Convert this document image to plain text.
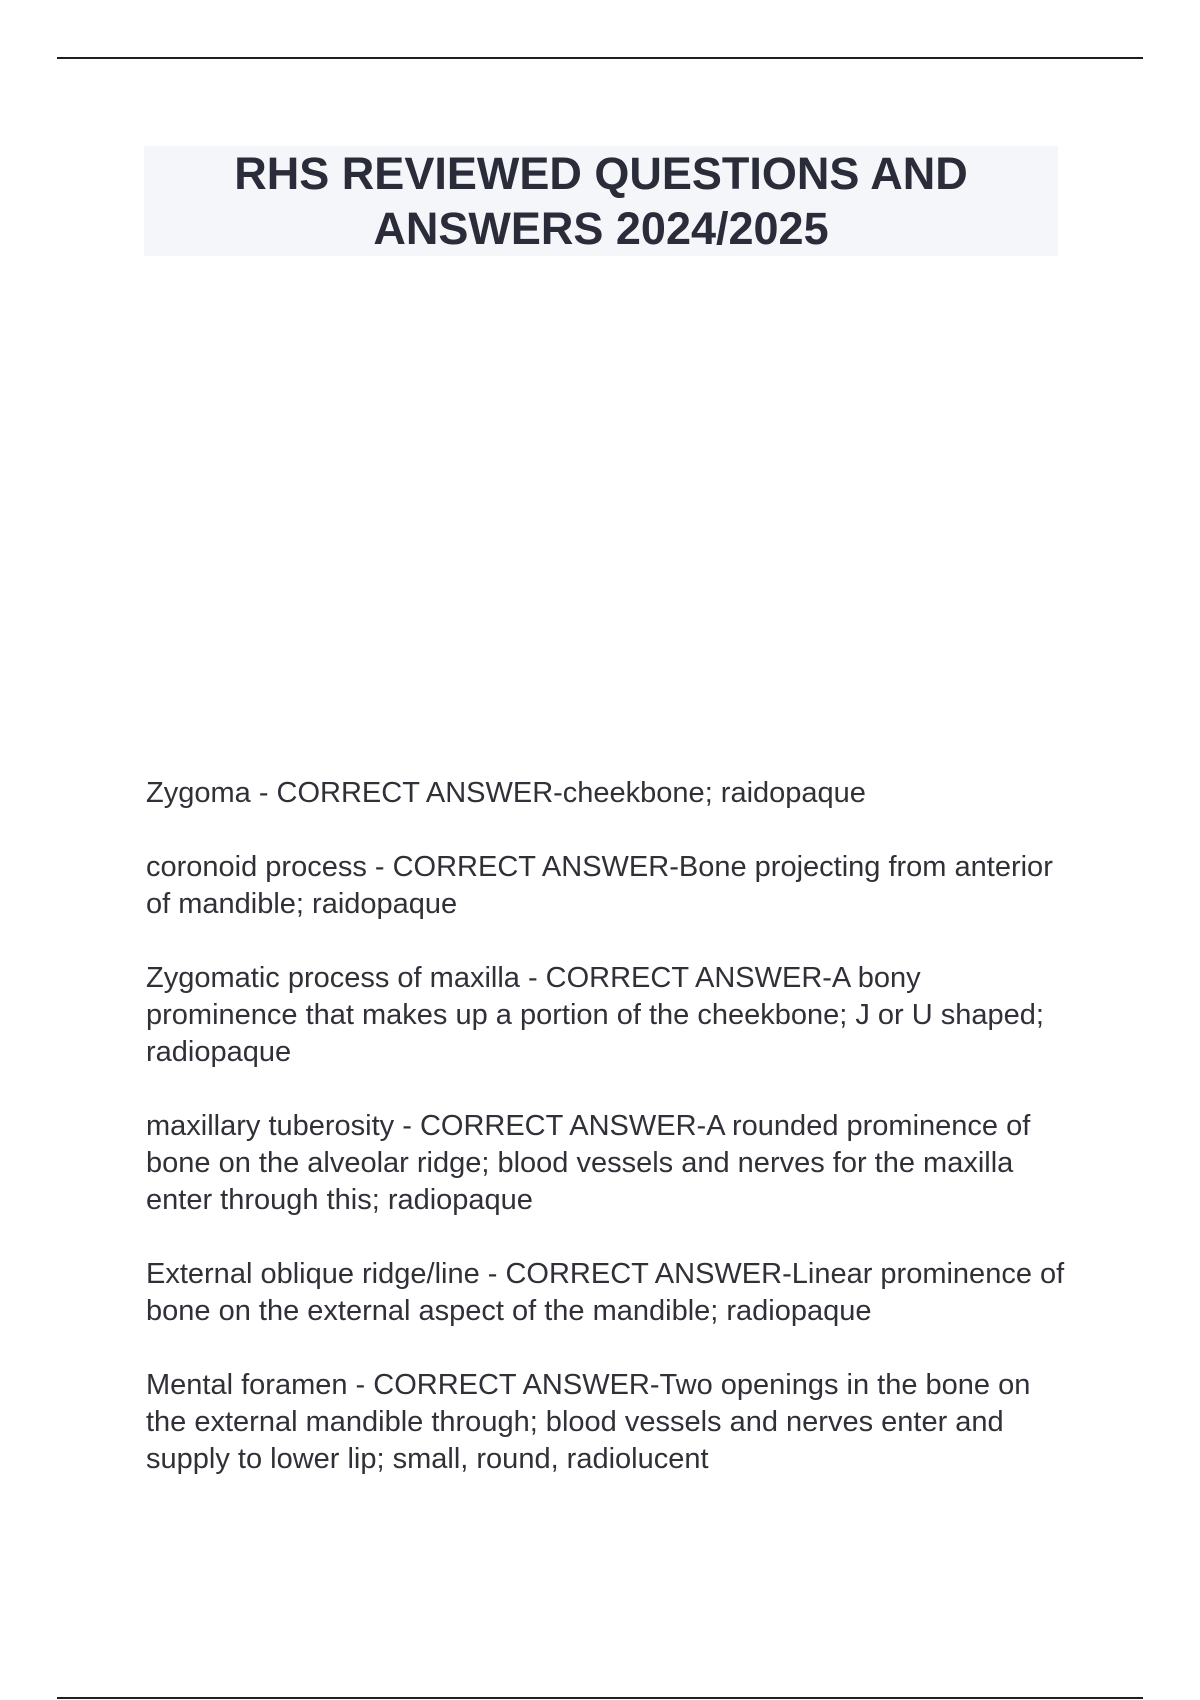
RHS REVIEWED QUESTIONS AND ANSWERS 2024/2025
Zygoma - CORRECT ANSWER-cheekbone; raidopaque
coronoid process - CORRECT ANSWER-Bone projecting from anterior of mandible; raidopaque
Zygomatic process of maxilla - CORRECT ANSWER-A bony prominence that makes up a portion of the cheekbone; J or U shaped; radiopaque
maxillary tuberosity - CORRECT ANSWER-A rounded prominence of bone on the alveolar ridge; blood vessels and nerves for the maxilla enter through this; radiopaque
External oblique ridge/line - CORRECT ANSWER-Linear prominence of bone on the external aspect of the mandible; radiopaque
Mental foramen - CORRECT ANSWER-Two openings in the bone on the external mandible through; blood vessels and nerves enter and supply to lower lip; small, round, radiolucent
